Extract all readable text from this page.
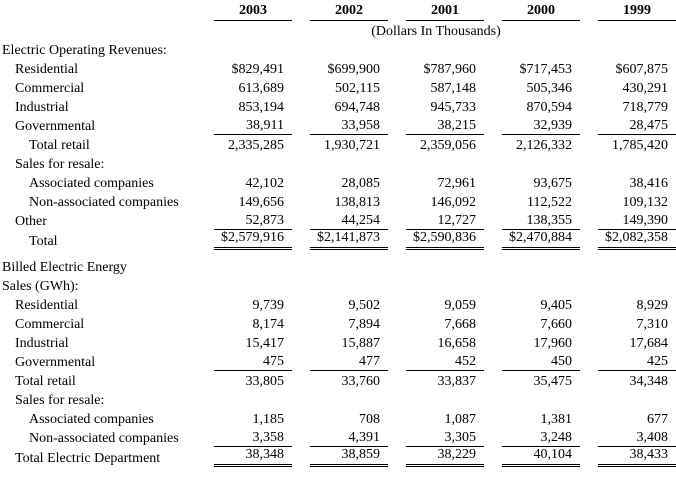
	2003	2002	2001	2000	1999

	(Dollars In Thousands)				
Electric Operating Revenues:	

Residential	$829,491	$699,900	$787,960	$717,453	$607,875

Commercial	613,689	502,115	587,148	505,346	430,291

Industrial	853,194	694,748	945,733	870,594	718,779

Governmental	38,911	33,958	38,215	32,939	28,475

Total retail	2,335,285	1,930,721	2,359,056	2,126,332	1,785,420

Sales for resale:	

Associated companies	42,102	28,085	72,961	93,675	38,416

Non-associated companies	149,656	138,813	146,092	112,522	109,132

Other	52,873	44,254	12,727	138,355	149,390

Total	$2,579,916	$2,141,873	$2,590,836	$2,470,884	$2,082,358

Billed Electric Energy	

Sales (GWh):	

Residential	9,739	9,502	9,059	9,405	8,929

Commercial	8,174	7,894	7,668	7,660	7,310

Industrial	15,417	15,887	16,658	17,960	17,684

Governmental	475	477	452	450	425

Total retail	33,805	33,760	33,837	35,475	34,348

Sales for resale:	

Associated companies	1,185	708	1,087	1,381	677

Non-associated companies	3,358	4,391	3,305	3,248	3,408

Total Electric Department	38,348	38,859	38,229	40,104	38,433
